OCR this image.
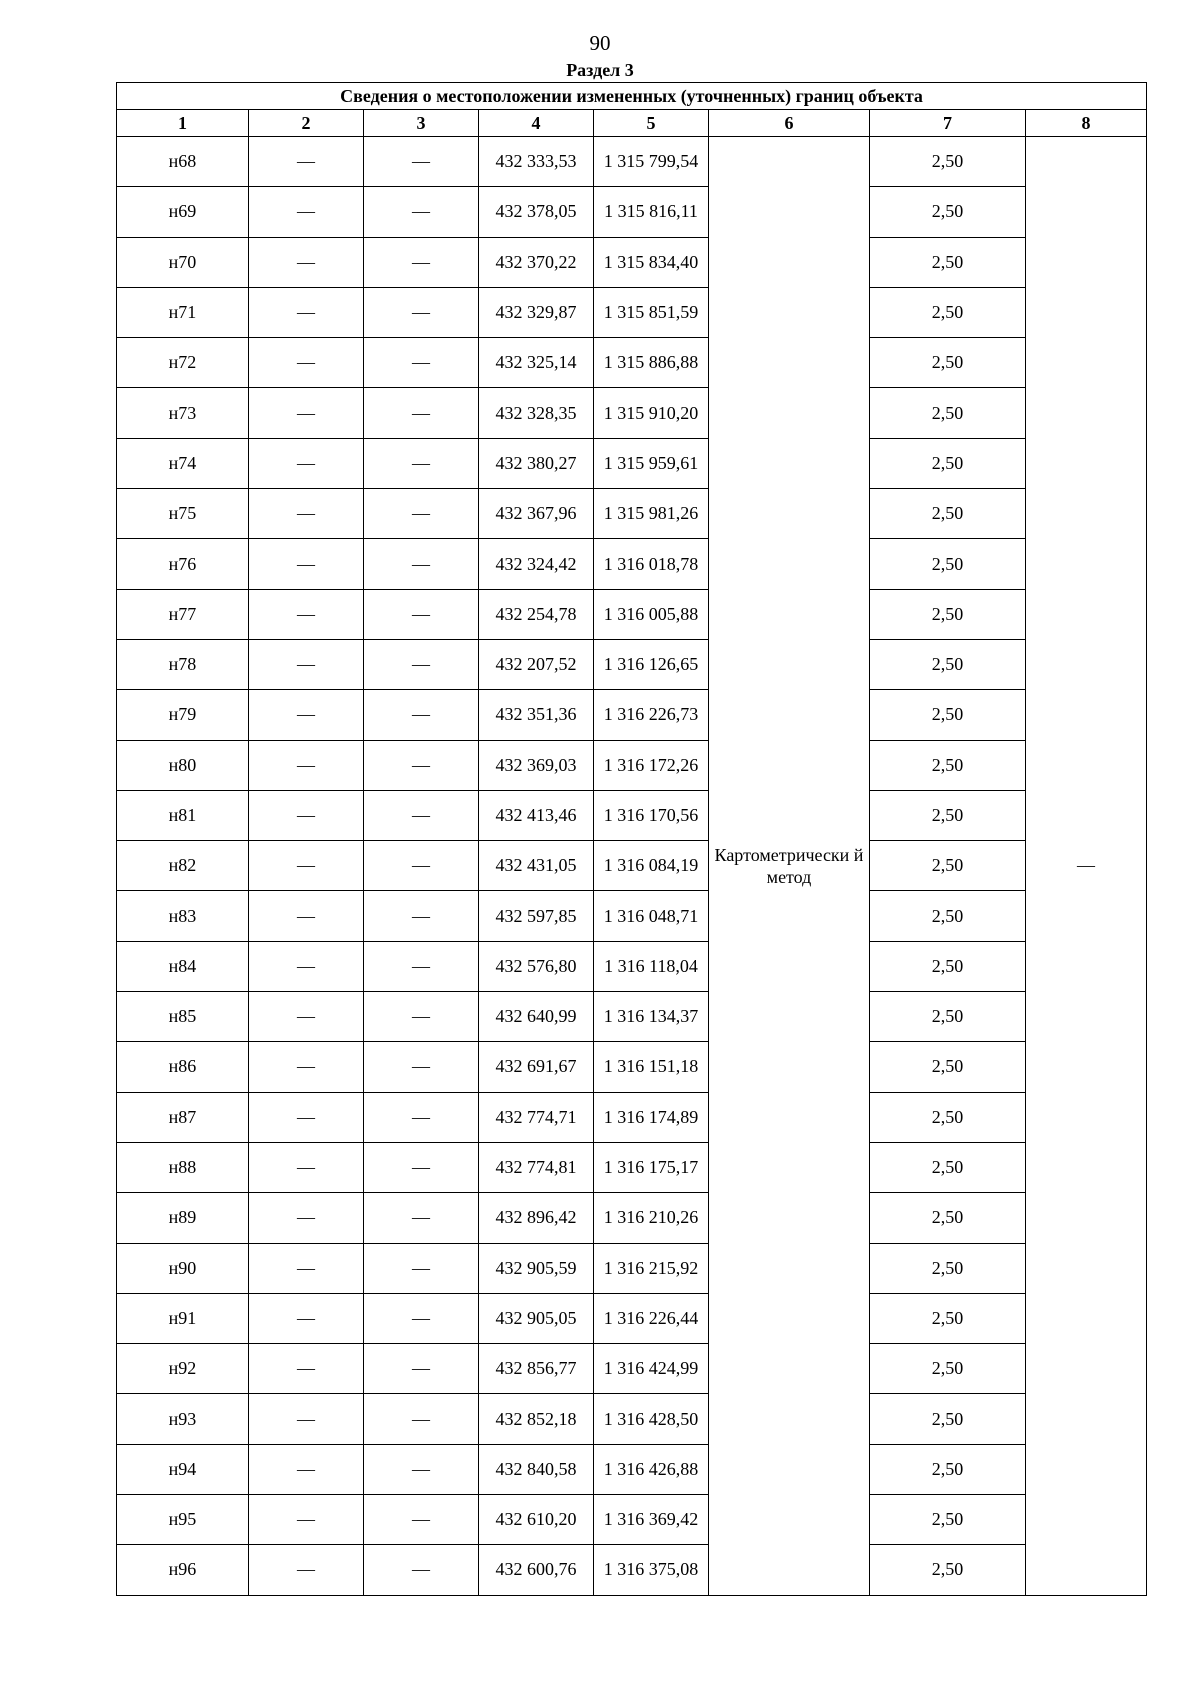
90
Раздел 3
Сведения о местоположении измененных (уточненных) границ объекта							
1	2	3	4	5	6	7	8
н68	—	—	432 333,53	1 315 799,54	Картометрически й метод	2,50	—
н69	—	—	432 378,05	1 315 816,11		2,50	
н70	—	—	432 370,22	1 315 834,40		2,50	
н71	—	—	432 329,87	1 315 851,59		2,50	
н72	—	—	432 325,14	1 315 886,88		2,50	
н73	—	—	432 328,35	1 315 910,20		2,50	
н74	—	—	432 380,27	1 315 959,61		2,50	
н75	—	—	432 367,96	1 315 981,26		2,50	
н76	—	—	432 324,42	1 316 018,78		2,50	
н77	—	—	432 254,78	1 316 005,88		2,50	
н78	—	—	432 207,52	1 316 126,65		2,50	
н79	—	—	432 351,36	1 316 226,73		2,50	
н80	—	—	432 369,03	1 316 172,26		2,50	
н81	—	—	432 413,46	1 316 170,56		2,50	
н82	—	—	432 431,05	1 316 084,19		2,50	
н83	—	—	432 597,85	1 316 048,71		2,50	
н84	—	—	432 576,80	1 316 118,04		2,50	
н85	—	—	432 640,99	1 316 134,37		2,50	
н86	—	—	432 691,67	1 316 151,18		2,50	
н87	—	—	432 774,71	1 316 174,89		2,50	
н88	—	—	432 774,81	1 316 175,17		2,50	
н89	—	—	432 896,42	1 316 210,26		2,50	
н90	—	—	432 905,59	1 316 215,92		2,50	
н91	—	—	432 905,05	1 316 226,44		2,50	
н92	—	—	432 856,77	1 316 424,99		2,50	
н93	—	—	432 852,18	1 316 428,50		2,50	
н94	—	—	432 840,58	1 316 426,88		2,50	
н95	—	—	432 610,20	1 316 369,42		2,50	
н96	—	—	432 600,76	1 316 375,08		2,50	
